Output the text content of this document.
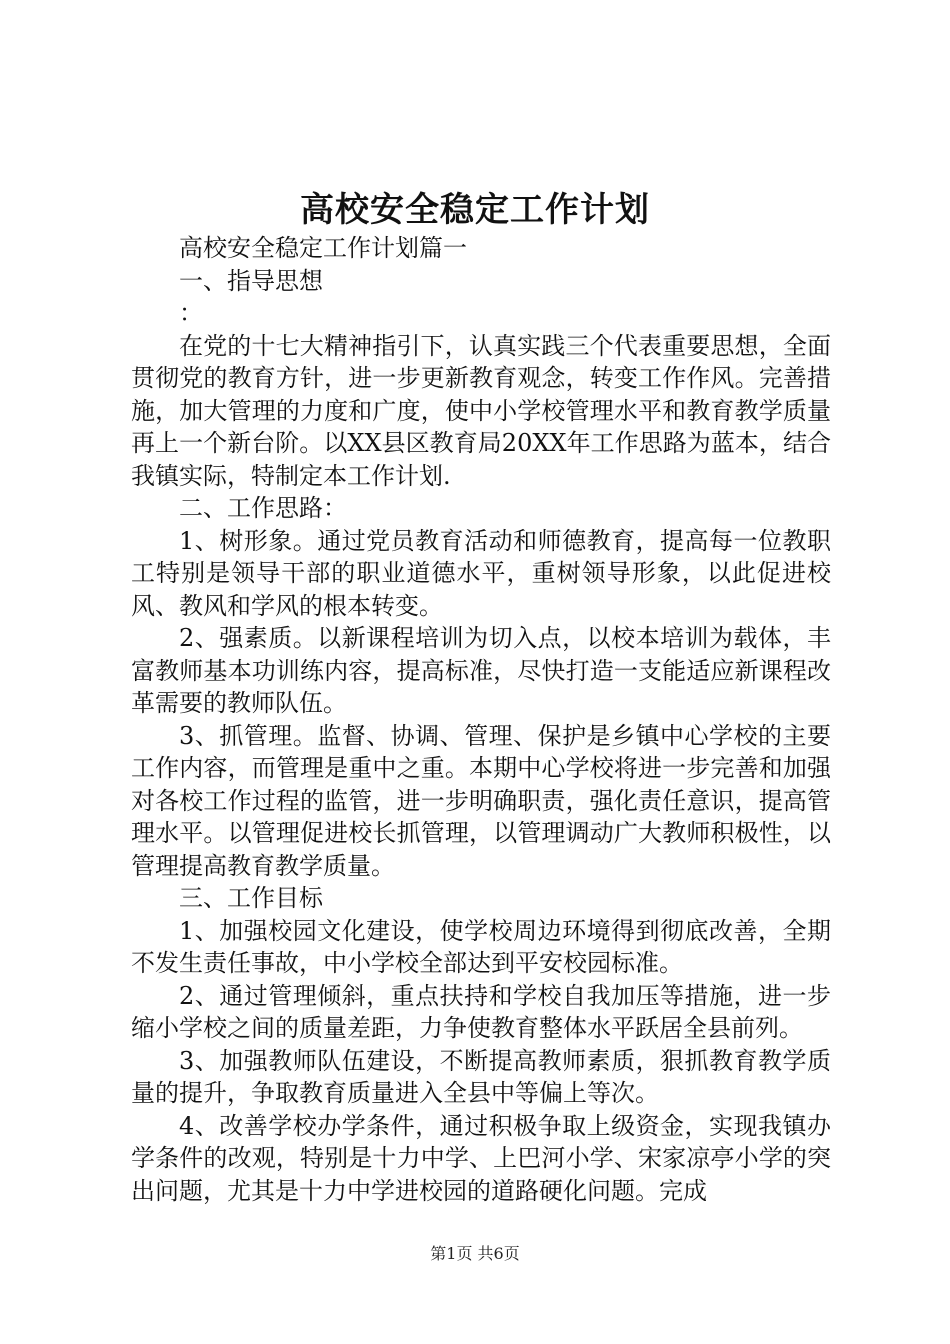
高校安全稳定工作计划

高校安全稳定工作计划篇一

一、指导思想

：

在党的十七大精神指引下，认真实践三个代表重要思想，全面贯彻党的教育方针，进一步更新教育观念，转变工作作风。完善措施，加大管理的力度和广度，使中小学校管理水平和教育教学质量再上一个新台阶。以XX县区教育局20XX年工作思路为蓝本，结合我镇实际，特制定本工作计划.

二、工作思路：

1、树形象。通过党员教育活动和师德教育，提高每一位教职工特别是领导干部的职业道德水平，重树领导形象，以此促进校风、教风和学风的根本转变。

2、强素质。以新课程培训为切入点，以校本培训为载体，丰富教师基本功训练内容，提高标准，尽快打造一支能适应新课程改革需要的教师队伍。

3、抓管理。监督、协调、管理、保护是乡镇中心学校的主要工作内容，而管理是重中之重。本期中心学校将进一步完善和加强对各校工作过程的监管，进一步明确职责，强化责任意识，提高管理水平。以管理促进校长抓管理，以管理调动广大教师积极性，以管理提高教育教学质量。

三、工作目标

1、加强校园文化建设，使学校周边环境得到彻底改善，全期不发生责任事故，中小学校全部达到平安校园标准。

2、通过管理倾斜，重点扶持和学校自我加压等措施，进一步缩小学校之间的质量差距，力争使教育整体水平跃居全县前列。

3、加强教师队伍建设，不断提高教师素质，狠抓教育教学质量的提升，争取教育质量进入全县中等偏上等次。

4、改善学校办学条件，通过积极争取上级资金，实现我镇办学条件的改观，特别是十力中学、上巴河小学、宋家凉亭小学的突出问题，尤其是十力中学进校园的道路硬化问题。完成

第1页 共6页
